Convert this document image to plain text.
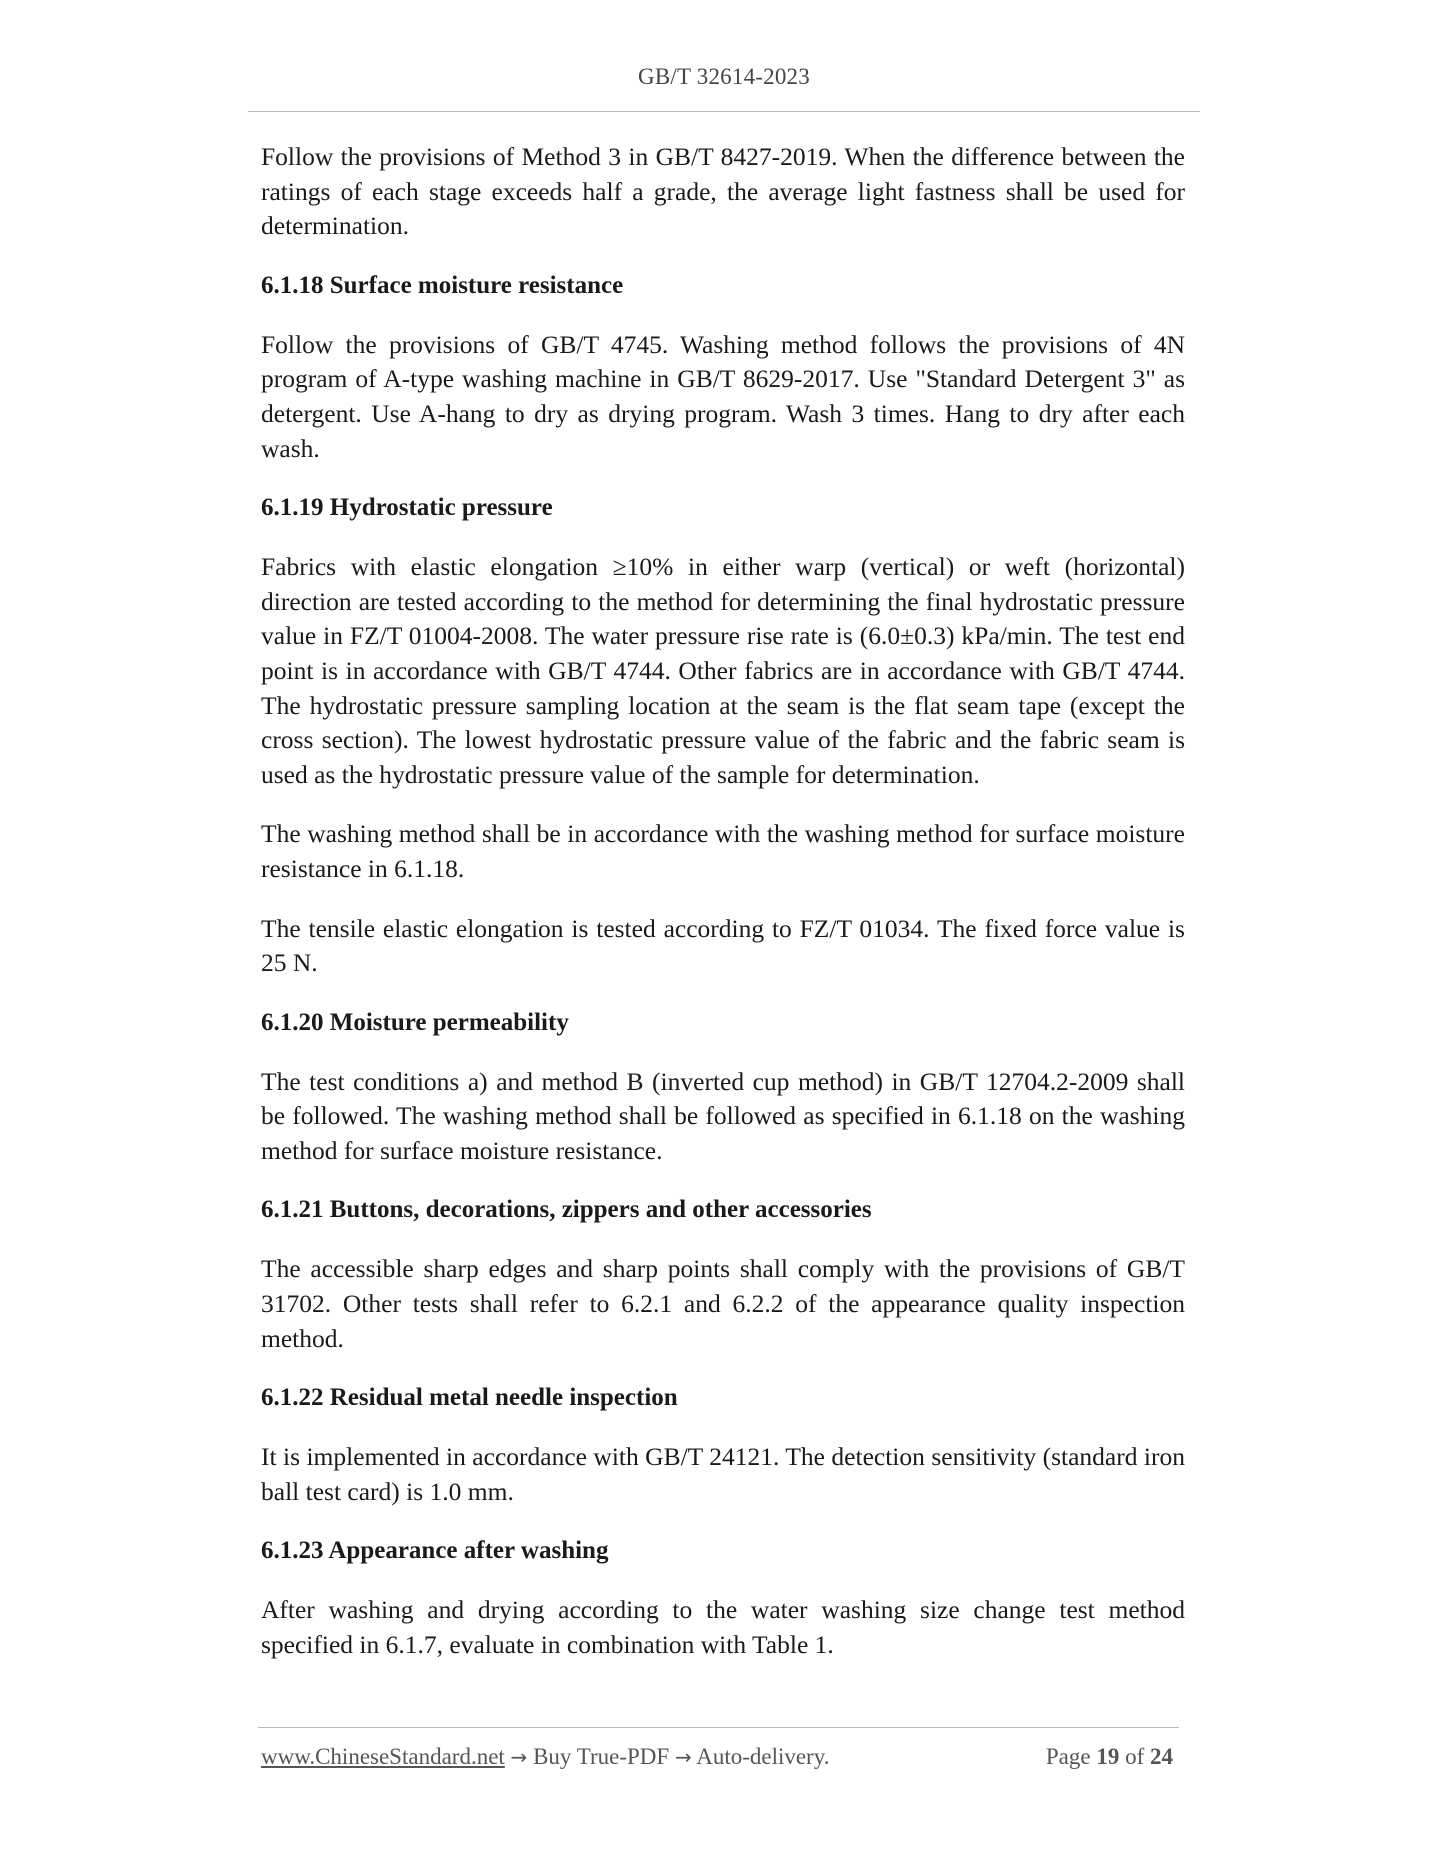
GB/T 32614-2023

Follow the provisions of Method 3 in GB/T 8427-2019. When the difference between the ratings of each stage exceeds half a grade, the average light fastness shall be used for determination.

6.1.18 Surface moisture resistance

Follow the provisions of GB/T 4745. Washing method follows the provisions of 4N program of A-type washing machine in GB/T 8629-2017. Use "Standard Detergent 3" as detergent. Use A-hang to dry as drying program. Wash 3 times. Hang to dry after each wash.

6.1.19 Hydrostatic pressure

Fabrics with elastic elongation ≥10% in either warp (vertical) or weft (horizontal) direction are tested according to the method for determining the final hydrostatic pressure value in FZ/T 01004-2008. The water pressure rise rate is (6.0±0.3) kPa/min. The test end point is in accordance with GB/T 4744. Other fabrics are in accordance with GB/T 4744. The hydrostatic pressure sampling location at the seam is the flat seam tape (except the cross section). The lowest hydrostatic pressure value of the fabric and the fabric seam is used as the hydrostatic pressure value of the sample for determination.

The washing method shall be in accordance with the washing method for surface moisture resistance in 6.1.18.

The tensile elastic elongation is tested according to FZ/T 01034. The fixed force value is 25 N.

6.1.20 Moisture permeability

The test conditions a) and method B (inverted cup method) in GB/T 12704.2-2009 shall be followed. The washing method shall be followed as specified in 6.1.18 on the washing method for surface moisture resistance.

6.1.21 Buttons, decorations, zippers and other accessories

The accessible sharp edges and sharp points shall comply with the provisions of GB/T 31702. Other tests shall refer to 6.2.1 and 6.2.2 of the appearance quality inspection method.

6.1.22 Residual metal needle inspection

It is implemented in accordance with GB/T 24121. The detection sensitivity (standard iron ball test card) is 1.0 mm.

6.1.23 Appearance after washing

After washing and drying according to the water washing size change test method specified in 6.1.7, evaluate in combination with Table 1.

www.ChineseStandard.net → Buy True-PDF → Auto-delivery.	Page 19 of 24
